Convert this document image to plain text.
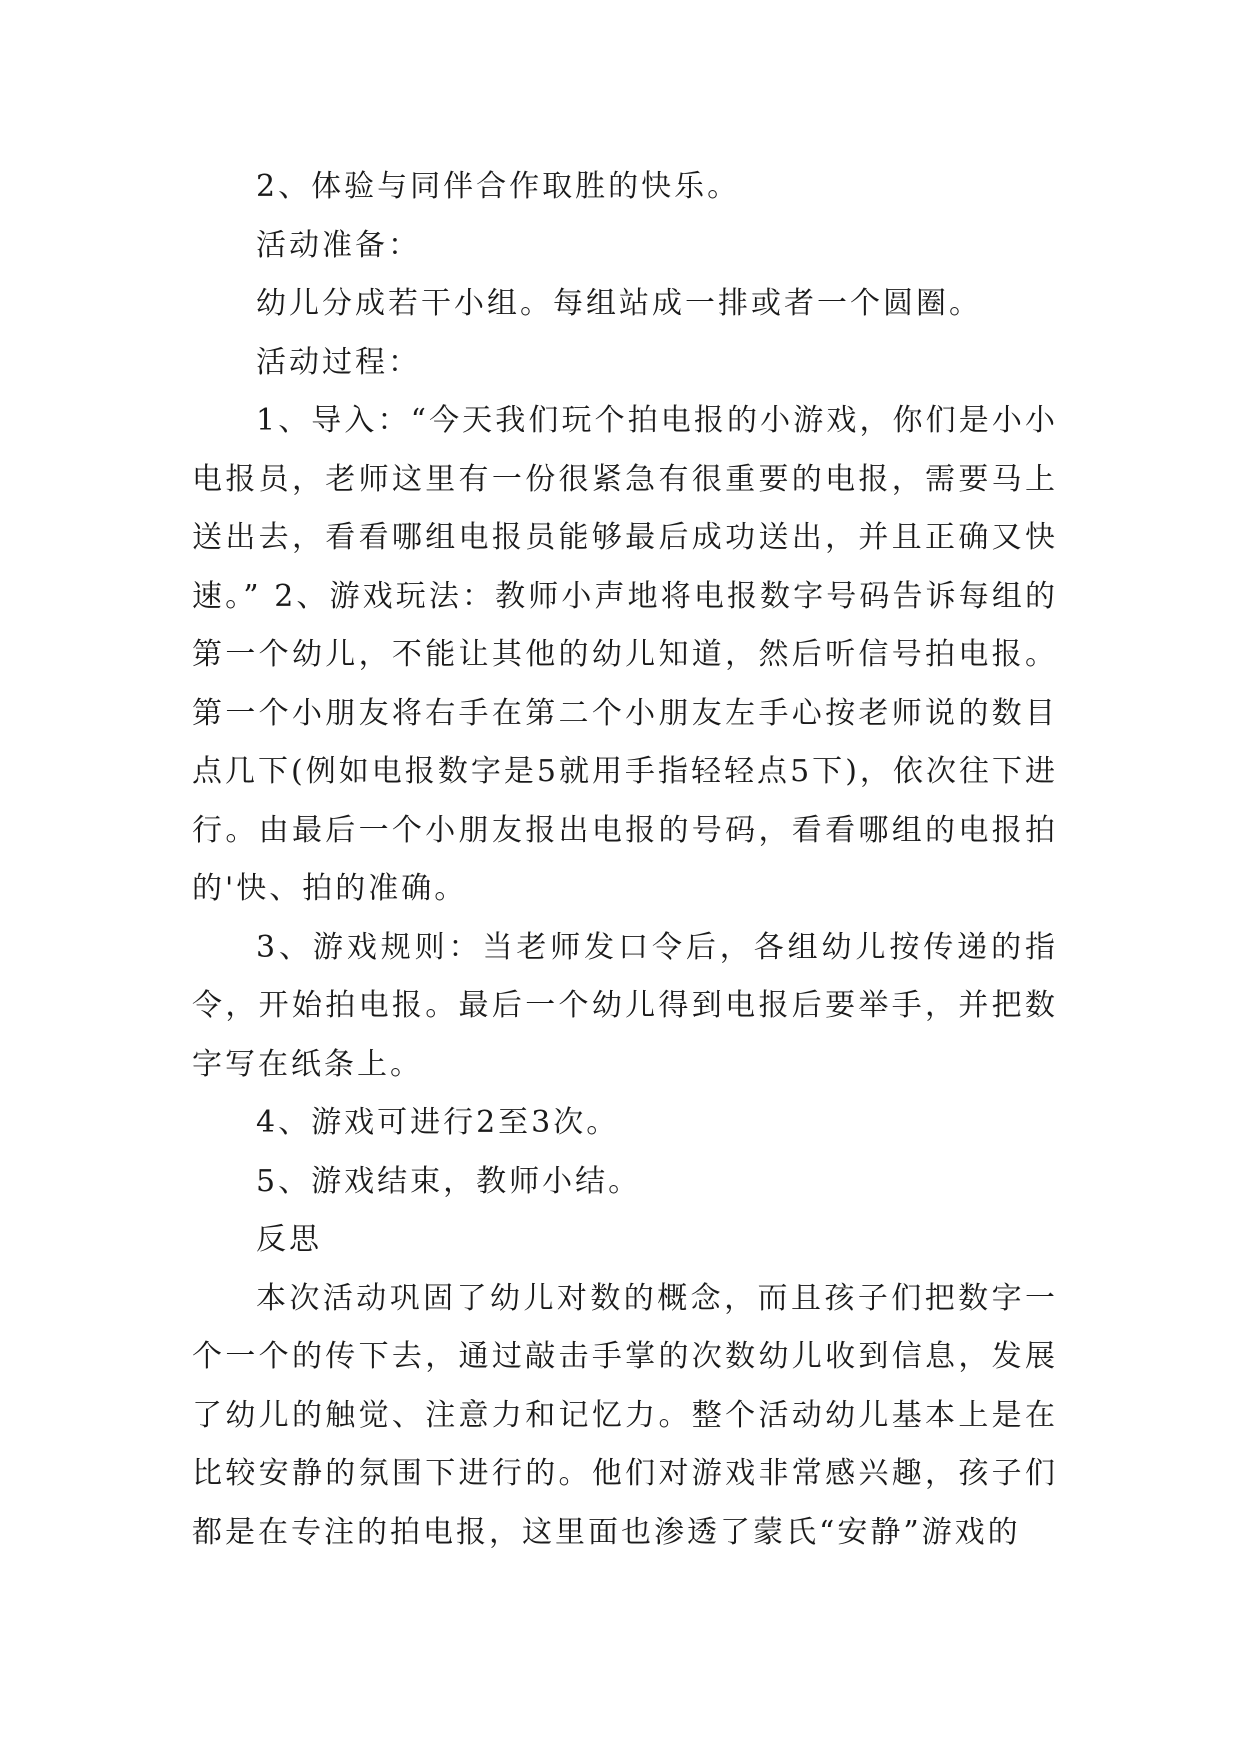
2、体验与同伴合作取胜的快乐。

活动准备：

幼儿分成若干小组。每组站成一排或者一个圆圈。

活动过程：

1、导入：“今天我们玩个拍电报的小游戏，你们是小小电报员，老师这里有一份很紧急有很重要的电报，需要马上送出去，看看哪组电报员能够最后成功送出，并且正确又快速。” 2、游戏玩法：教师小声地将电报数字号码告诉每组的第一个幼儿，不能让其他的幼儿知道，然后听信号拍电报。第一个小朋友将右手在第二个小朋友左手心按老师说的数目点几下(例如电报数字是5就用手指轻轻点5下)，依次往下进行。由最后一个小朋友报出电报的号码，看看哪组的电报拍的'快、拍的准确。

3、游戏规则：当老师发口令后，各组幼儿按传递的指令，开始拍电报。最后一个幼儿得到电报后要举手，并把数字写在纸条上。

4、游戏可进行2至3次。

5、游戏结束，教师小结。

反思

本次活动巩固了幼儿对数的概念，而且孩子们把数字一个一个的传下去，通过敲击手掌的次数幼儿收到信息，发展了幼儿的触觉、注意力和记忆力。整个活动幼儿基本上是在比较安静的氛围下进行的。他们对游戏非常感兴趣，孩子们都是在专注的拍电报，这里面也渗透了蒙氏“安静”游戏的
